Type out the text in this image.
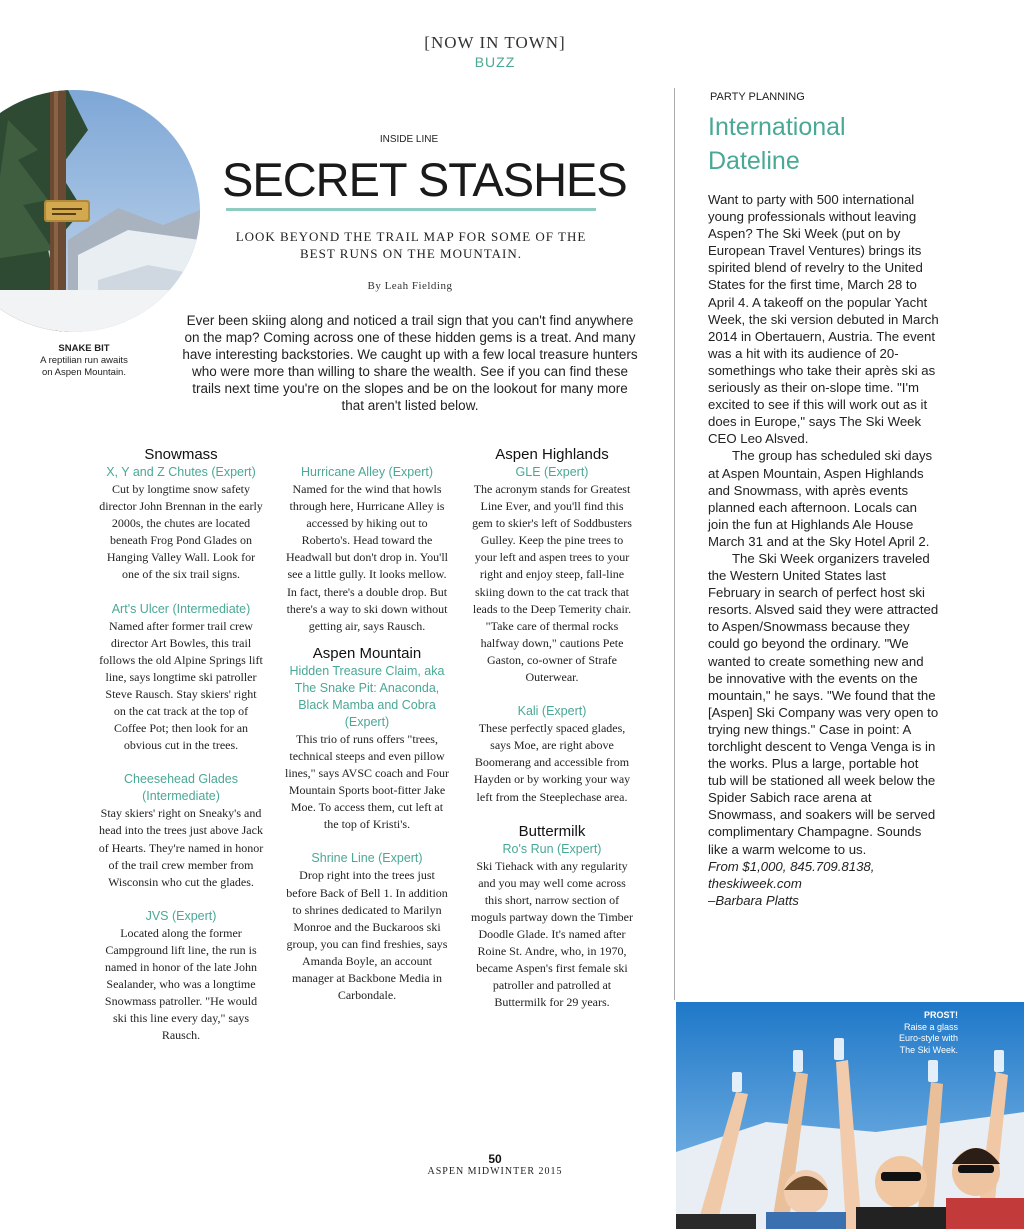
[NOW IN TOWN]
BUZZ
SNAKE BIT
A reptilian run awaits on Aspen Mountain.
INSIDE LINE
SECRET STASHES
LOOK BEYOND THE TRAIL MAP FOR SOME OF THE BEST RUNS ON THE MOUNTAIN.
By Leah Fielding
Ever been skiing along and noticed a trail sign that you can't find anywhere on the map? Coming across one of these hidden gems is a treat. And many have interesting backstories. We caught up with a few local treasure hunters who were more than willing to share the wealth. See if you can find these trails next time you're on the slopes and be on the lookout for many more that aren't listed below.
Snowmass
X, Y and Z Chutes (Expert)
Cut by longtime snow safety director John Brennan in the early 2000s, the chutes are located beneath Frog Pond Glades on Hanging Valley Wall. Look for one of the six trail signs.
Art's Ulcer (Intermediate)
Named after former trail crew director Art Bowles, this trail follows the old Alpine Springs lift line, says longtime ski patroller Steve Rausch. Stay skiers' right on the cat track at the top of Coffee Pot; then look for an obvious cut in the trees.
Cheesehead Glades (Intermediate)
Stay skiers' right on Sneaky's and head into the trees just above Jack of Hearts. They're named in honor of the trail crew member from Wisconsin who cut the glades.
JVS (Expert)
Located along the former Campground lift line, the run is named in honor of the late John Sealander, who was a longtime Snowmass patroller. "He would ski this line every day," says Rausch.
Hurricane Alley (Expert)
Named for the wind that howls through here, Hurricane Alley is accessed by hiking out to Roberto's. Head toward the Headwall but don't drop in. You'll see a little gully. It looks mellow. In fact, there's a double drop. But there's a way to ski down without getting air, says Rausch.
Aspen Mountain
Hidden Treasure Claim, aka The Snake Pit: Anaconda, Black Mamba and Cobra (Expert)
This trio of runs offers "trees, technical steeps and even pillow lines," says AVSC coach and Four Mountain Sports boot-fitter Jake Moe. To access them, cut left at the top of Kristi's.
Shrine Line (Expert)
Drop right into the trees just before Back of Bell 1. In addition to shrines dedicated to Marilyn Monroe and the Buckaroos ski group, you can find freshies, says Amanda Boyle, an account manager at Backbone Media in Carbondale.
Aspen Highlands
GLE (Expert)
The acronym stands for Greatest Line Ever, and you'll find this gem to skier's left of Soddbusters Gulley. Keep the pine trees to your left and aspen trees to your right and enjoy steep, fall-line skiing down to the cat track that leads to the Deep Temerity chair. "Take care of thermal rocks halfway down," cautions Pete Gaston, co-owner of Strafe Outerwear.
Kali (Expert)
These perfectly spaced glades, says Moe, are right above Boomerang and accessible from Hayden or by working your way left from the Steeplechase area.
Buttermilk
Ro's Run (Expert)
Ski Tiehack with any regularity and you may well come across this short, narrow section of moguls partway down the Timber Doodle Glade. It's named after Roine St. Andre, who, in 1970, became Aspen's first female ski patroller and patrolled at Buttermilk for 29 years.
PARTY PLANNING
International Dateline

Want to party with 500 international young professionals without leaving Aspen? The Ski Week (put on by European Travel Ventures) brings its spirited blend of revelry to the United States for the first time, March 28 to April 4. A takeoff on the popular Yacht Week, the ski version debuted in March 2014 in Obertauern, Austria. The event was a hit with its audience of 20-somethings who take their après ski as seriously as their on-slope time. "I'm excited to see if this will work out as it does in Europe," says The Ski Week CEO Leo Alsved.

The group has scheduled ski days at Aspen Mountain, Aspen Highlands and Snowmass, with après events planned each afternoon. Locals can join the fun at Highlands Ale House March 31 and at the Sky Hotel April 2.

The Ski Week organizers traveled the Western United States last February in search of perfect host ski resorts. Alsved said they were attracted to Aspen/Snowmass because they could go beyond the ordinary. "We wanted to create something new and be innovative with the events on the mountain," he says. "We found that the [Aspen] Ski Company was very open to trying new things." Case in point: A torchlight descent to Venga Venga is in the works. Plus a large, portable hot tub will be stationed all week below the Spider Sabich race arena at Snowmass, and soakers will be served complimentary Champagne. Sounds like a warm welcome to us.

From $1,000, 845.709.8138, theskiweek.com

–Barbara Platts

PROST!
Raise a glass Euro-style with The Ski Week.
50
ASPEN MIDWINTER 2015
